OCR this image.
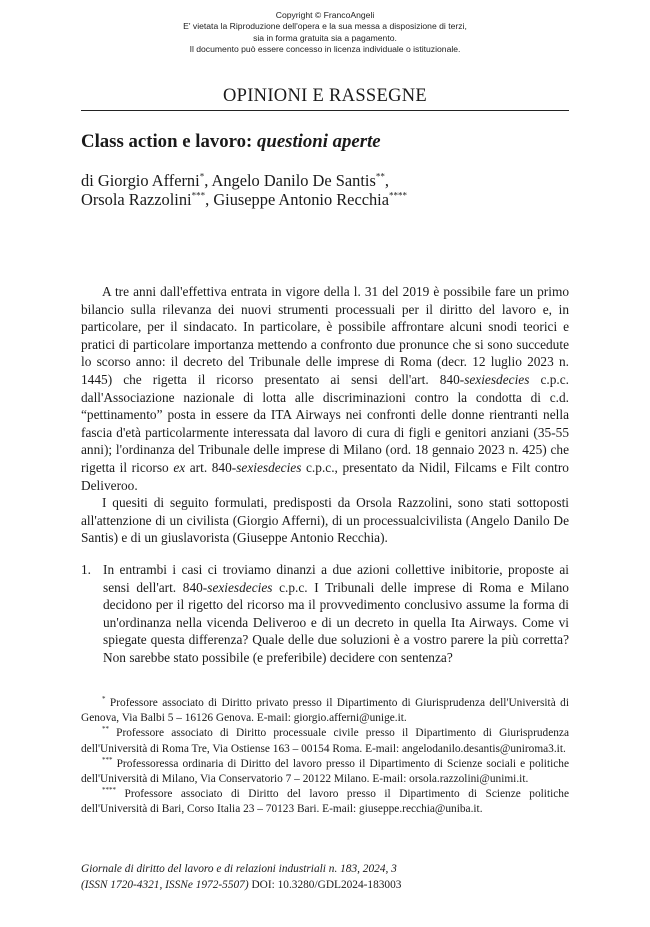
Copyright © FrancoAngeli
E' vietata la Riproduzione dell'opera e la sua messa a disposizione di terzi,
sia in forma gratuita sia a pagamento.
Il documento può essere concesso in licenza individuale o istituzionale.
OPINIONI E RASSEGNE
Class action e lavoro: questioni aperte
di Giorgio Afferni*, Angelo Danilo De Santis**,
Orsola Razzolini***, Giuseppe Antonio Recchia****

A tre anni dall'effettiva entrata in vigore della l. 31 del 2019 è possibile fare un primo bilancio sulla rilevanza dei nuovi strumenti processuali per il diritto del lavoro e, in particolare, per il sindacato. In particolare, è possibile affrontare alcuni snodi teorici e pratici di particolare importanza mettendo a confronto due pronunce che si sono succedute lo scorso anno: il decreto del Tribunale delle imprese di Roma (decr. 12 luglio 2023 n. 1445) che rigetta il ricorso presentato ai sensi dell'art. 840-sexiesdecies c.p.c. dall'Associazione nazionale di lotta alle discriminazioni contro la condotta di c.d. “pettinamento” posta in essere da ITA Airways nei confronti delle donne rientranti nella fascia d'età particolarmente interessata dal lavoro di cura di figli e genitori anziani (35-55 anni); l'ordinanza del Tribunale delle imprese di Milano (ord. 18 gennaio 2023 n. 425) che rigetta il ricorso ex art. 840-sexiesdecies c.p.c., presentato da Nidil, Filcams e Filt contro Deliveroo.

I quesiti di seguito formulati, predisposti da Orsola Razzolini, sono stati sottoposti all'attenzione di un civilista (Giorgio Afferni), di un processualcivilista (Angelo Danilo De Santis) e di un giuslavorista (Giuseppe Antonio Recchia).

1. In entrambi i casi ci troviamo dinanzi a due azioni collettive inibitorie, proposte ai sensi dell'art. 840-sexiesdecies c.p.c. I Tribunali delle imprese di Roma e Milano decidono per il rigetto del ricorso ma il provvedimento conclusivo assume la forma di un'ordinanza nella vicenda Deliveroo e di un decreto in quella Ita Airways. Come vi spiegate questa differenza? Quale delle due soluzioni è a vostro parere la più corretta? Non sarebbe stato possibile (e preferibile) decidere con sentenza?

* Professore associato di Diritto privato presso il Dipartimento di Giurisprudenza dell'Università di Genova, Via Balbi 5 – 16126 Genova. E-mail: giorgio.afferni@unige.it.

** Professore associato di Diritto processuale civile presso il Dipartimento di Giurisprudenza dell'Università di Roma Tre, Via Ostiense 163 – 00154 Roma. E-mail: angelodanilo.desantis@uniroma3.it.

*** Professoressa ordinaria di Diritto del lavoro presso il Dipartimento di Scienze sociali e politiche dell'Università di Milano, Via Conservatorio 7 – 20122 Milano. E-mail: orsola.razzolini@unimi.it.

**** Professore associato di Diritto del lavoro presso il Dipartimento di Scienze politiche dell'Università di Bari, Corso Italia 23 – 70123 Bari. E-mail: giuseppe.recchia@uniba.it.

Giornale di diritto del lavoro e di relazioni industriali n. 183, 2024, 3
(ISSN 1720-4321, ISSNe 1972-5507) DOI: 10.3280/GDL2024-183003
